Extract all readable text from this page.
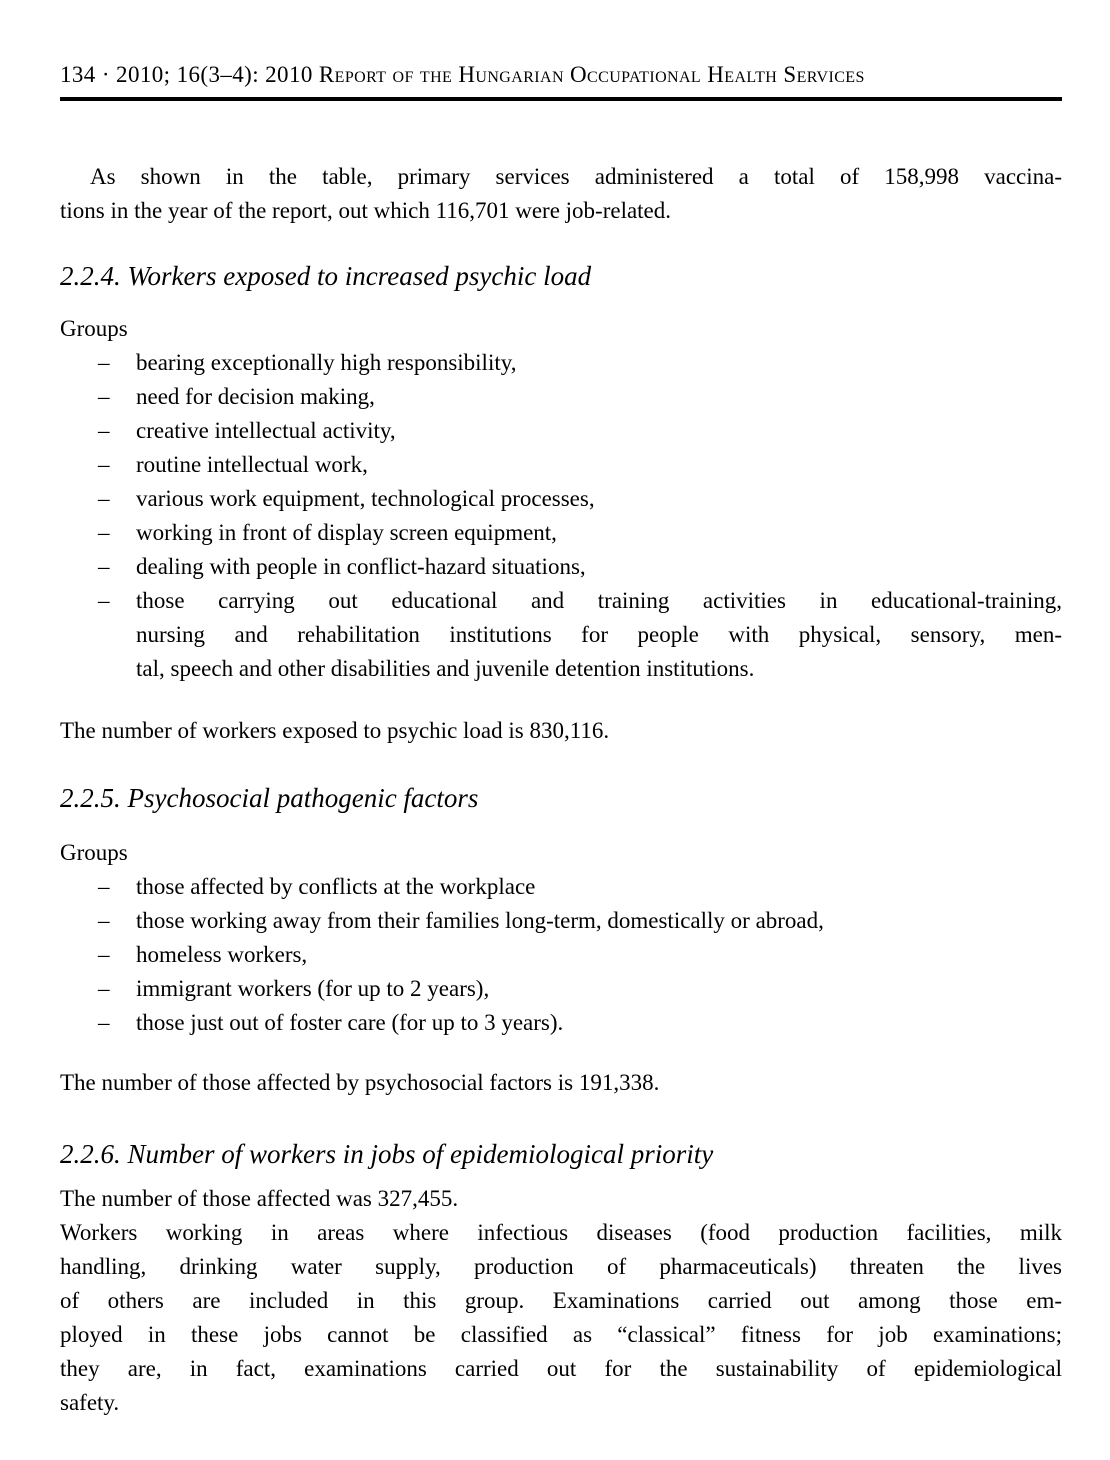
134 · 2010; 16(3–4): 2010 Report of the Hungarian Occupational Health Services

As shown in the table, primary services administered a total of 158,998 vaccina-
tions in the year of the report, out which 116,701 were job-related.

2.2.4. Workers exposed to increased psychic load

Groups

– bearing exceptionally high responsibility,
– need for decision making,
– creative intellectual activity,
– routine intellectual work,
– various work equipment, technological processes,
– working in front of display screen equipment,
– dealing with people in conflict-hazard situations,
– those carrying out educational and training activities in educational-training,
nursing and rehabilitation institutions for people with physical, sensory, men-
tal, speech and other disabilities and juvenile detention institutions.

The number of workers exposed to psychic load is 830,116.

2.2.5. Psychosocial pathogenic factors

Groups

– those affected by conflicts at the workplace
– those working away from their families long-term, domestically or abroad,
– homeless workers,
– immigrant workers (for up to 2 years),
– those just out of foster care (for up to 3 years).

The number of those affected by psychosocial factors is 191,338.

2.2.6. Number of workers in jobs of epidemiological priority

The number of those affected was 327,455.

Workers working in areas where infectious diseases (food production facilities, milk
handling, drinking water supply, production of pharmaceuticals) threaten the lives
of others are included in this group. Examinations carried out among those em-
ployed in these jobs cannot be classified as “classical” fitness for job examinations;
they are, in fact, examinations carried out for the sustainability of epidemiological
safety.
